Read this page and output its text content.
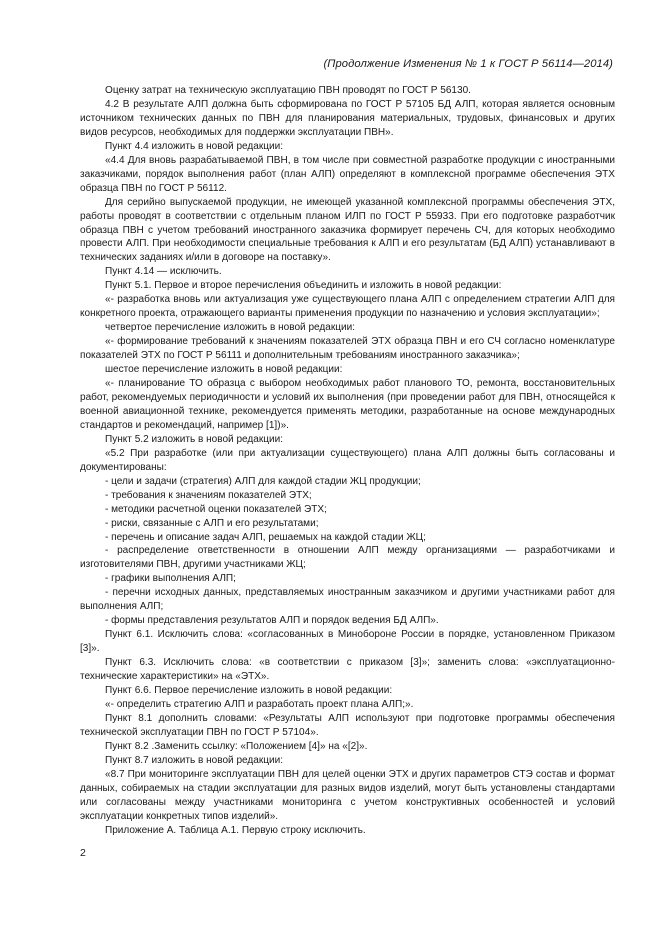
(Продолжение Изменения № 1 к ГОСТ Р 56114—2014)

Оценку затрат на техническую эксплуатацию ПВН проводят по ГОСТ Р 56130.

4.2 В результате АЛП должна быть сформирована по ГОСТ Р 57105 БД АЛП, которая является основным источником технических данных по ПВН для планирования материальных, трудовых, финансовых и других видов ресурсов, необходимых для поддержки эксплуатации ПВН».

Пункт 4.4 изложить в новой редакции:

«4.4 Для вновь разрабатываемой ПВН, в том числе при совместной разработке продукции с иностранными заказчиками, порядок выполнения работ (план АЛП) определяют в комплексной программе обеспечения ЭТХ образца ПВН по ГОСТ Р 56112.

Для серийно выпускаемой продукции, не имеющей указанной комплексной программы обеспечения ЭТХ, работы проводят в соответствии с отдельным планом ИЛП по ГОСТ Р 55933. При его подготовке разработчик образца ПВН с учетом требований иностранного заказчика формирует перечень СЧ, для которых необходимо провести АЛП. При необходимости специальные требования к АЛП и его результатам (БД АЛП) устанавливают в технических заданиях и/или в договоре на поставку».

Пункт 4.14 — исключить.

Пункт 5.1. Первое и второе перечисления объединить и изложить в новой редакции:

«- разработка вновь или актуализация уже существующего плана АЛП с определением стратегии АЛП для конкретного проекта, отражающего варианты применения продукции по назначению и условия эксплуатации»;

четвертое перечисление изложить в новой редакции:

«- формирование требований к значениям показателей ЭТХ образца ПВН и его СЧ согласно номенклатуре показателей ЭТХ по ГОСТ Р 56111 и дополнительным требованиям иностранного заказчика»;

шестое перечисление изложить в новой редакции:

«- планирование ТО образца с выбором необходимых работ планового ТО, ремонта, восстановительных работ, рекомендуемых периодичности и условий их выполнения (при проведении работ для ПВН, относящейся к военной авиационной технике, рекомендуется применять методики, разработанные на основе международных стандартов и рекомендаций, например [1])».

Пункт 5.2 изложить в новой редакции:

«5.2 При разработке (или при актуализации существующего) плана АЛП должны быть согласованы и документированы:

- цели и задачи (стратегия) АЛП для каждой стадии ЖЦ продукции;

- требования к значениям показателей ЭТХ;

- методики расчетной оценки показателей ЭТХ;

- риски, связанные с АЛП и его результатами;

- перечень и описание задач АЛП, решаемых на каждой стадии ЖЦ;

- распределение ответственности в отношении АЛП между организациями — разработчиками и изготовителями ПВН, другими участниками ЖЦ;

- графики выполнения АЛП;

- перечни исходных данных, представляемых иностранным заказчиком и другими участниками работ для выполнения АЛП;

- формы представления результатов АЛП и порядок ведения БД АЛП».

Пункт 6.1. Исключить слова: «согласованных в Минобороне России в порядке, установленном Приказом [3]».

Пункт 6.3. Исключить слова: «в соответствии с приказом [3]»; заменить слова: «эксплуатационно-технические характеристики» на «ЭТХ».

Пункт 6.6. Первое перечисление изложить в новой редакции:

«- определить стратегию АЛП и разработать проект плана АЛП;».

Пункт 8.1 дополнить словами: «Результаты АЛП используют при подготовке программы обеспечения технической эксплуатации ПВН по ГОСТ Р 57104».

Пункт 8.2 .Заменить ссылку: «Положением [4]» на «[2]».

Пункт 8.7 изложить в новой редакции:

«8.7 При мониторинге эксплуатации ПВН для целей оценки ЭТХ и других параметров СТЭ состав и формат данных, собираемых на стадии эксплуатации для разных видов изделий, могут быть установлены стандартами или согласованы между участниками мониторинга с учетом конструктивных особенностей и условий эксплуатации конкретных типов изделий».

Приложение А. Таблица А.1. Первую строку исключить.

2
